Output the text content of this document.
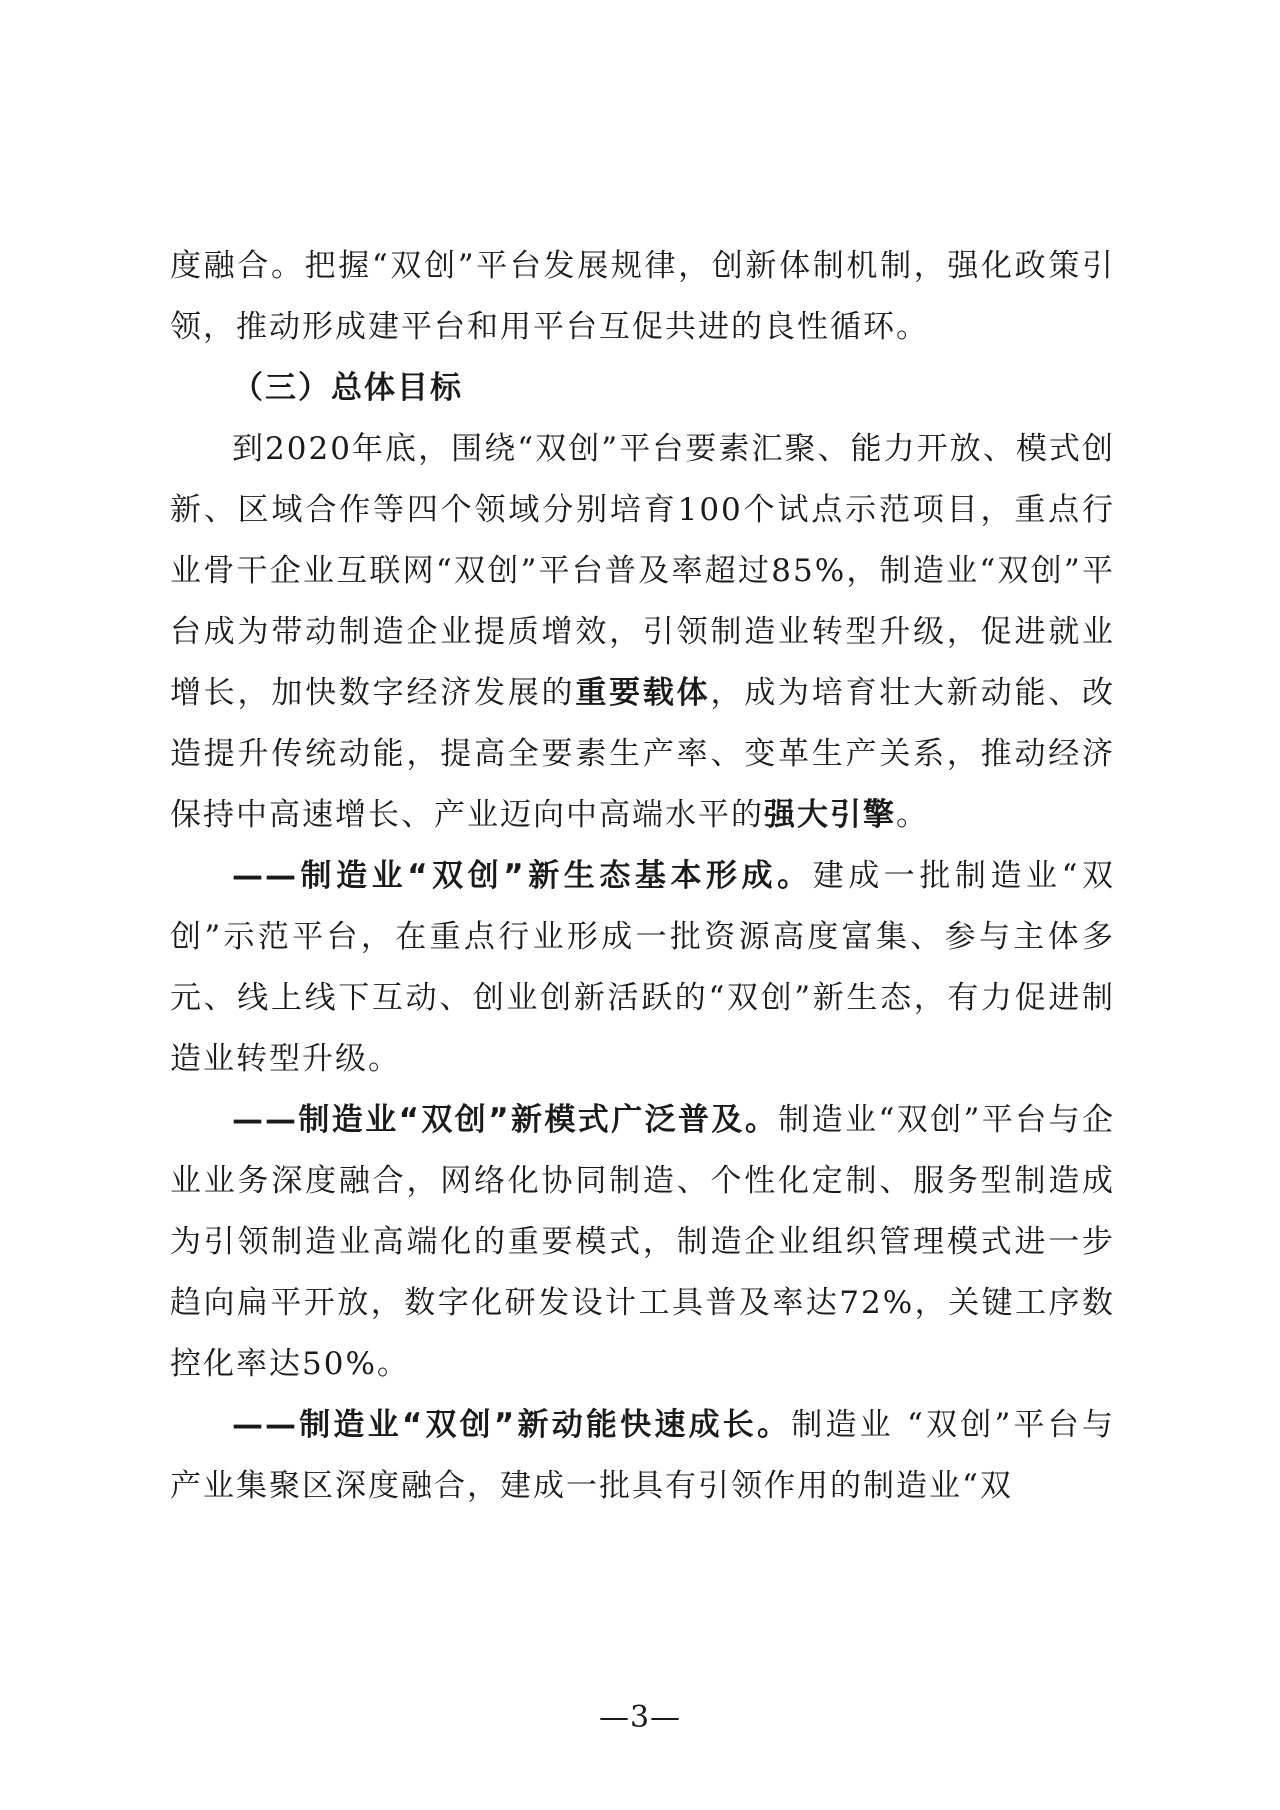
度融合。把握“双创”平台发展规律，创新体制机制，强化政策引领，推动形成建平台和用平台互促共进的良性循环。

（三）总体目标

到2020年底，围绕“双创”平台要素汇聚、能力开放、模式创新、区域合作等四个领域分别培育100个试点示范项目，重点行业骨干企业互联网“双创”平台普及率超过85%，制造业“双创”平台成为带动制造企业提质增效，引领制造业转型升级，促进就业增长，加快数字经济发展的重要载体，成为培育壮大新动能、改造提升传统动能，提高全要素生产率、变革生产关系，推动经济保持中高速增长、产业迈向中高端水平的强大引擎。

——制造业“双创”新生态基本形成。建成一批制造业“双创”示范平台，在重点行业形成一批资源高度富集、参与主体多元、线上线下互动、创业创新活跃的“双创”新生态，有力促进制造业转型升级。

——制造业“双创”新模式广泛普及。制造业“双创”平台与企业业务深度融合，网络化协同制造、个性化定制、服务型制造成为引领制造业高端化的重要模式，制造企业组织管理模式进一步趋向扁平开放，数字化研发设计工具普及率达72%，关键工序数控化率达50%。

——制造业“双创”新动能快速成长。制造业 “双创”平台与产业集聚区深度融合，建成一批具有引领作用的制造业“双

—3—
